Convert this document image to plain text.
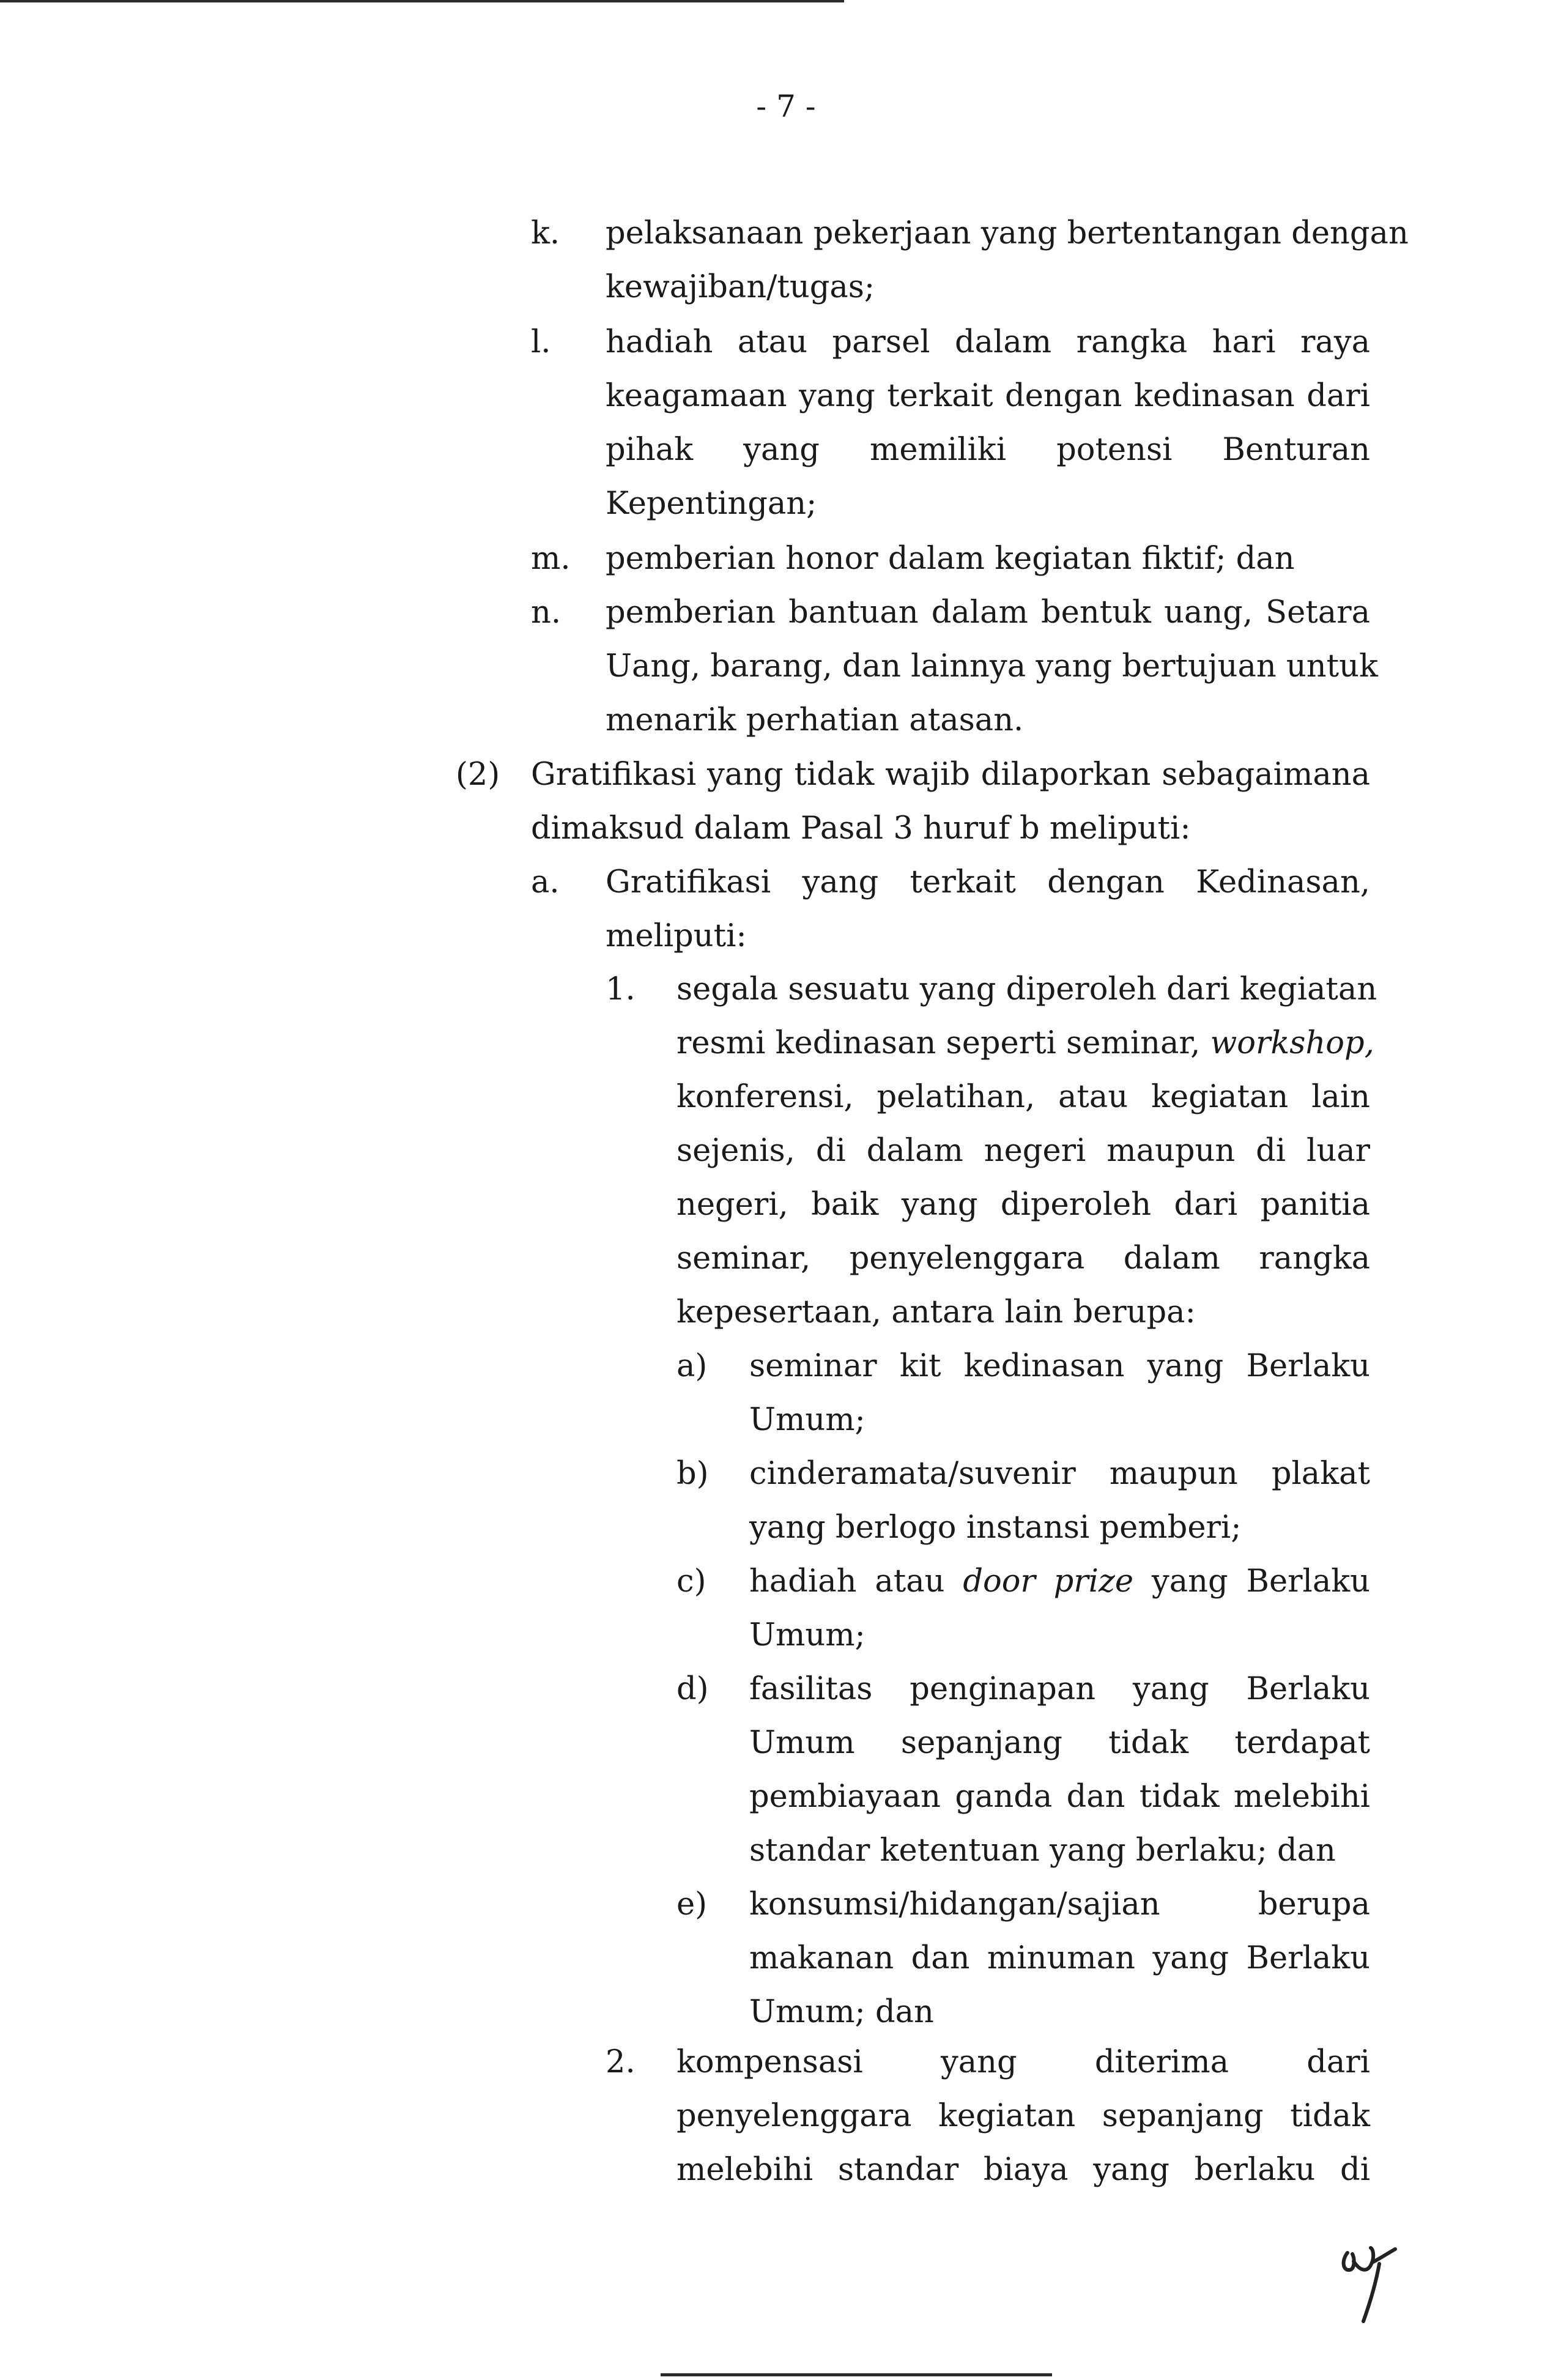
- 7 -
k. pelaksanaan pekerjaan yang bertentangan dengan
kewajiban/tugas;
l. hadiah atau parsel dalam rangka hari raya
keagamaan yang terkait dengan kedinasan dari
pihak yang memiliki potensi Benturan
Kepentingan;
m. pemberian honor dalam kegiatan fiktif; dan
n. pemberian bantuan dalam bentuk uang, Setara
Uang, barang, dan lainnya yang bertujuan untuk
menarik perhatian atasan.
(2) Gratifikasi yang tidak wajib dilaporkan sebagaimana
dimaksud dalam Pasal 3 huruf b meliputi:
a. Gratifikasi yang terkait dengan Kedinasan,
meliputi:
1. segala sesuatu yang diperoleh dari kegiatan
resmi kedinasan seperti seminar, workshop,
konferensi, pelatihan, atau kegiatan lain
sejenis, di dalam negeri maupun di luar
negeri, baik yang diperoleh dari panitia
seminar, penyelenggara dalam rangka
kepesertaan, antara lain berupa:
a) seminar kit kedinasan yang Berlaku
Umum;
b) cinderamata/suvenir maupun plakat
yang berlogo instansi pemberi;
c) hadiah atau door prize yang Berlaku
Umum;
d) fasilitas penginapan yang Berlaku
Umum sepanjang tidak terdapat
pembiayaan ganda dan tidak melebihi
standar ketentuan yang berlaku; dan
e) konsumsi/hidangan/sajian berupa
makanan dan minuman yang Berlaku
Umum; dan
2. kompensasi yang diterima dari
penyelenggara kegiatan sepanjang tidak
melebihi standar biaya yang berlaku di
